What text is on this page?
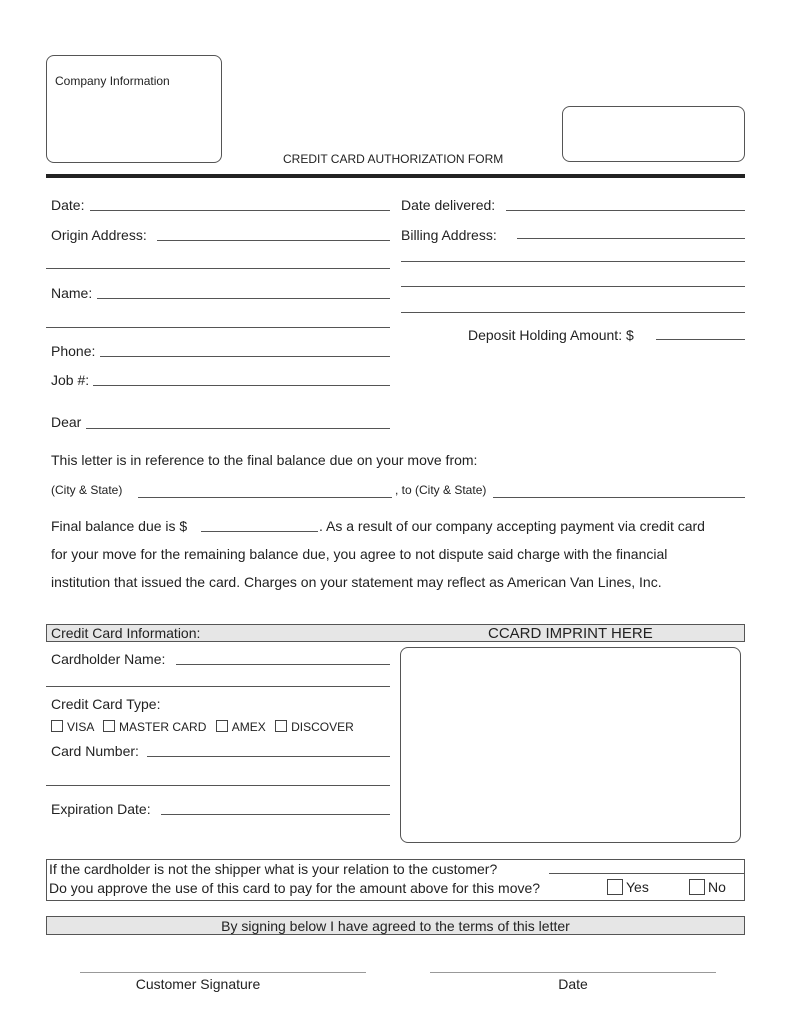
Company Information
CREDIT CARD AUTHORIZATION FORM
Date:
Origin Address:
Name:
Phone:
Job #:
Dear
Date delivered:
Billing Address:
Deposit Holding Amount: $
This letter is in reference to the final balance due on your move from:
(City & State)	, to (City & State)
Final balance due is $	. As a result of our company accepting payment via credit card
for your move for the remaining balance due, you agree to not dispute said charge with the financial
institution that issued the card. Charges on your statement may reflect as American Van Lines, Inc.
Credit Card Information:	CCARD IMPRINT HERE
Cardholder Name:
Credit Card Type:
VISA MASTER CARD AMEX DISCOVER
Card Number:
Expiration Date:
If the cardholder is not the shipper what is your relation to the customer?
Do you approve the use of this card to pay for the amount above for this move?	Yes	No
By signing below I have agreed to the terms of this letter
Customer Signature	Date
